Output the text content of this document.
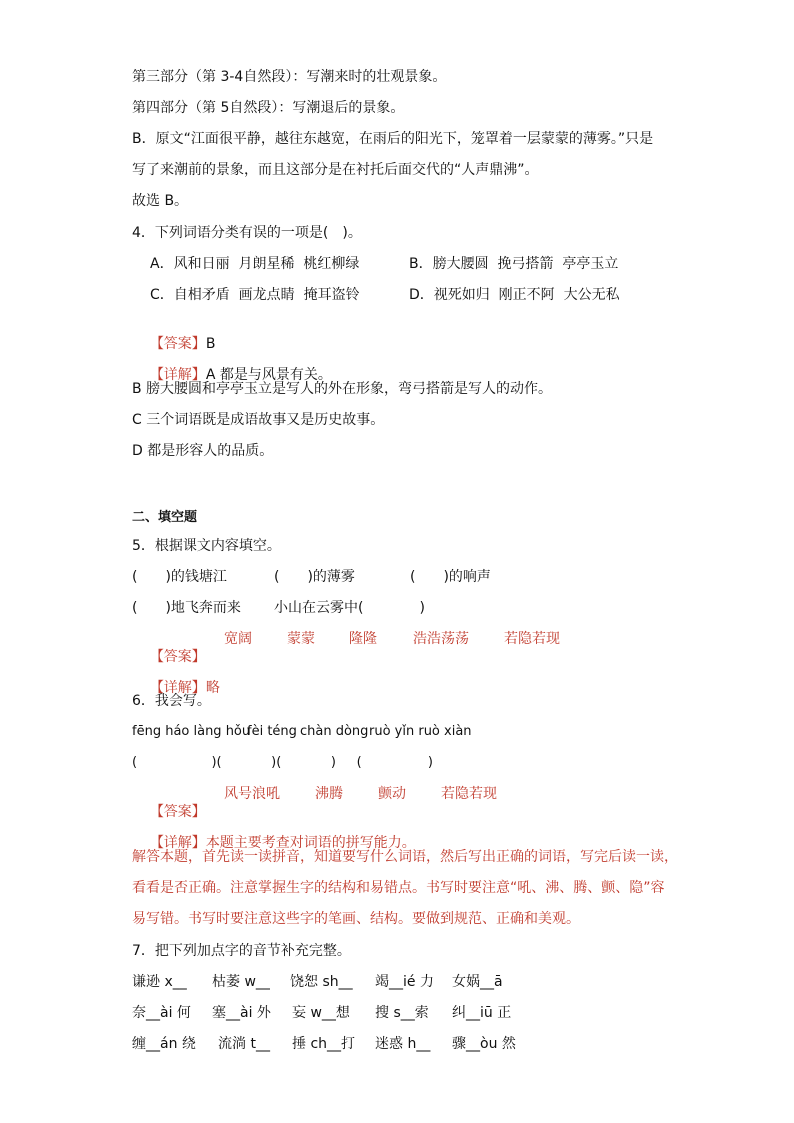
第三部分（第 3-4自然段）：写潮来时的壮观景象。
第四部分（第 5自然段）：写潮退后的景象。
B．原文“江面很平静，越往东越宽，在雨后的阳光下，笼罩着一层蒙蒙的薄雾。”只是
写了来潮前的景象，而且这部分是在衬托后面交代的“人声鼎沸”。
故选 B。
4．下列词语分类有误的一项是(　)。
A．风和日丽  月朗星稀  桃红柳绿	B．膀大腰圆  挽弓搭箭  亭亭玉立
C．自相矛盾  画龙点睛  掩耳盗铃	D．视死如归  刚正不阿  大公无私

【答案】B

【详解】A 都是与风景有关。

B 膀大腰圆和亭亭玉立是写人的外在形象，弯弓搭箭是写人的动作。
C 三个词语既是成语故事又是历史故事。
D 都是形容人的品质。
二、填空题
5．根据课文内容填空。
(　　)的钱塘江	(　　)的薄雾	(　　)的响声
(　　)地飞奔而来 小山在云雾中(　　　　)

【答案】

宽阔	蒙蒙 隆隆	浩浩荡荡	若隐若现

【详解】略

6．我会写。
fēng háo làng hǒu
fèi téng chàn dòng ruò yǐn ruò xiàn
(                  )(            )(            )     (                )

【答案】

风号浪吼	沸腾	颤动	若隐若现

【详解】本题主要考查对词语的拼写能力。

解答本题，首先读一读拼音，知道要写什么词语，然后写出正确的词语，写完后读一读，
看看是否正确。注意掌握生字的结构和易错点。书写时要注意“吼、沸、腾、颤、隐”容
易写错。书写时要注意这些字的笔画、结构。要做到规范、正确和美观。
7．把下列加点字的音节补充完整。
谦逊 x__ 枯萎 w__ 饶恕 sh__ 竭__ié 力 女娲__ā
奈__ài 何 塞__ài 外 妄 w__想 搜 s__索 纠__iū 正
缠__án 绕 流淌 t__ 捶 ch__打 迷惑 h__ 骤__òu 然
